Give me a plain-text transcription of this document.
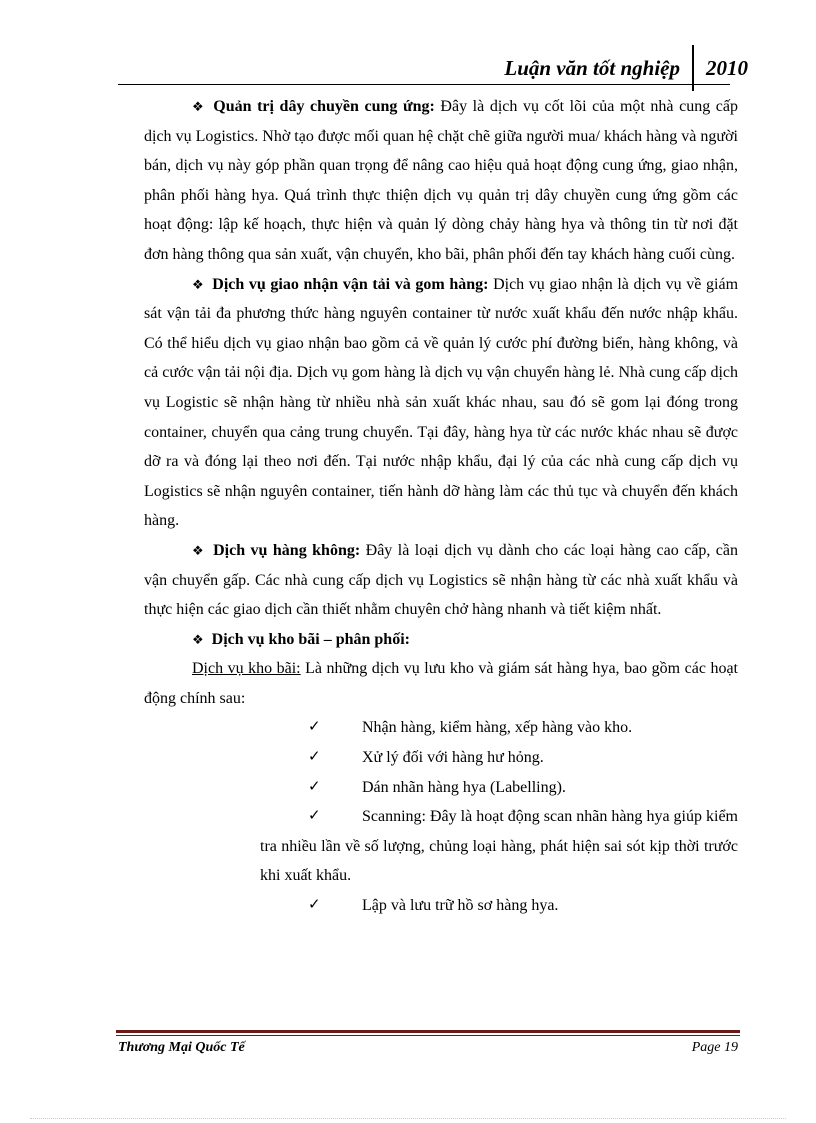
Luận văn tốt nghiệp	2010

❖ Quản trị dây chuyền cung ứng: Đây là dịch vụ cốt lõi của một nhà cung cấp dịch vụ Logistics. Nhờ tạo được mối quan hệ chặt chẽ giữa người mua/ khách hàng và người bán, dịch vụ này góp phần quan trọng để nâng cao hiệu quả hoạt động cung ứng, giao nhận, phân phối hàng hya. Quá trình thực thiện dịch vụ quản trị dây chuyền cung ứng gồm các hoạt động: lập kế hoạch, thực hiện và quản lý dòng chảy hàng hya và thông tin từ nơi đặt đơn hàng thông qua sản xuất, vận chuyển, kho bãi, phân phối đến tay khách hàng cuối cùng.

❖ Dịch vụ giao nhận vận tải và gom hàng: Dịch vụ giao nhận là dịch vụ về giám sát vận tải đa phương thức hàng nguyên container từ nước xuất khẩu đến nước nhập khẩu. Có thể hiểu dịch vụ giao nhận bao gồm cả về quản lý cước phí đường biển, hàng không, và cả cước vận tải nội địa. Dịch vụ gom hàng là dịch vụ vận chuyển hàng lẻ. Nhà cung cấp dịch vụ Logistic sẽ nhận hàng từ nhiều nhà sản xuất khác nhau, sau đó sẽ gom lại đóng trong container, chuyển qua cảng trung chuyển. Tại đây, hàng hya từ các nước khác nhau sẽ được dỡ ra và đóng lại theo nơi đến. Tại nước nhập khẩu, đại lý của các nhà cung cấp dịch vụ Logistics sẽ nhận nguyên container, tiến hành dỡ hàng làm các thủ tục và chuyển đến khách hàng.

❖ Dịch vụ hàng không: Đây là loại dịch vụ dành cho các loại hàng cao cấp, cần vận chuyển gấp. Các nhà cung cấp dịch vụ Logistics sẽ nhận hàng từ các nhà xuất khẩu và thực hiện các giao dịch cần thiết nhằm chuyên chở hàng nhanh và tiết kiệm nhất.

❖ Dịch vụ kho bãi – phân phối:

Dịch vụ kho bãi: Là những dịch vụ lưu kho và giám sát hàng hya, bao gồm các hoạt động chính sau:

✓	Nhận hàng, kiểm hàng, xếp hàng vào kho.
✓	Xử lý đối với hàng hư hỏng.
✓	Dán nhãn hàng hya (Labelling).
✓	Scanning: Đây là hoạt động scan nhãn hàng hya giúp kiểm tra nhiều lần về số lượng, chủng loại hàng, phát hiện sai sót kịp thời trước khi xuất khẩu.
✓	Lập và lưu trữ hồ sơ hàng hya.
Thương Mại Quốc Tế	Page 19
